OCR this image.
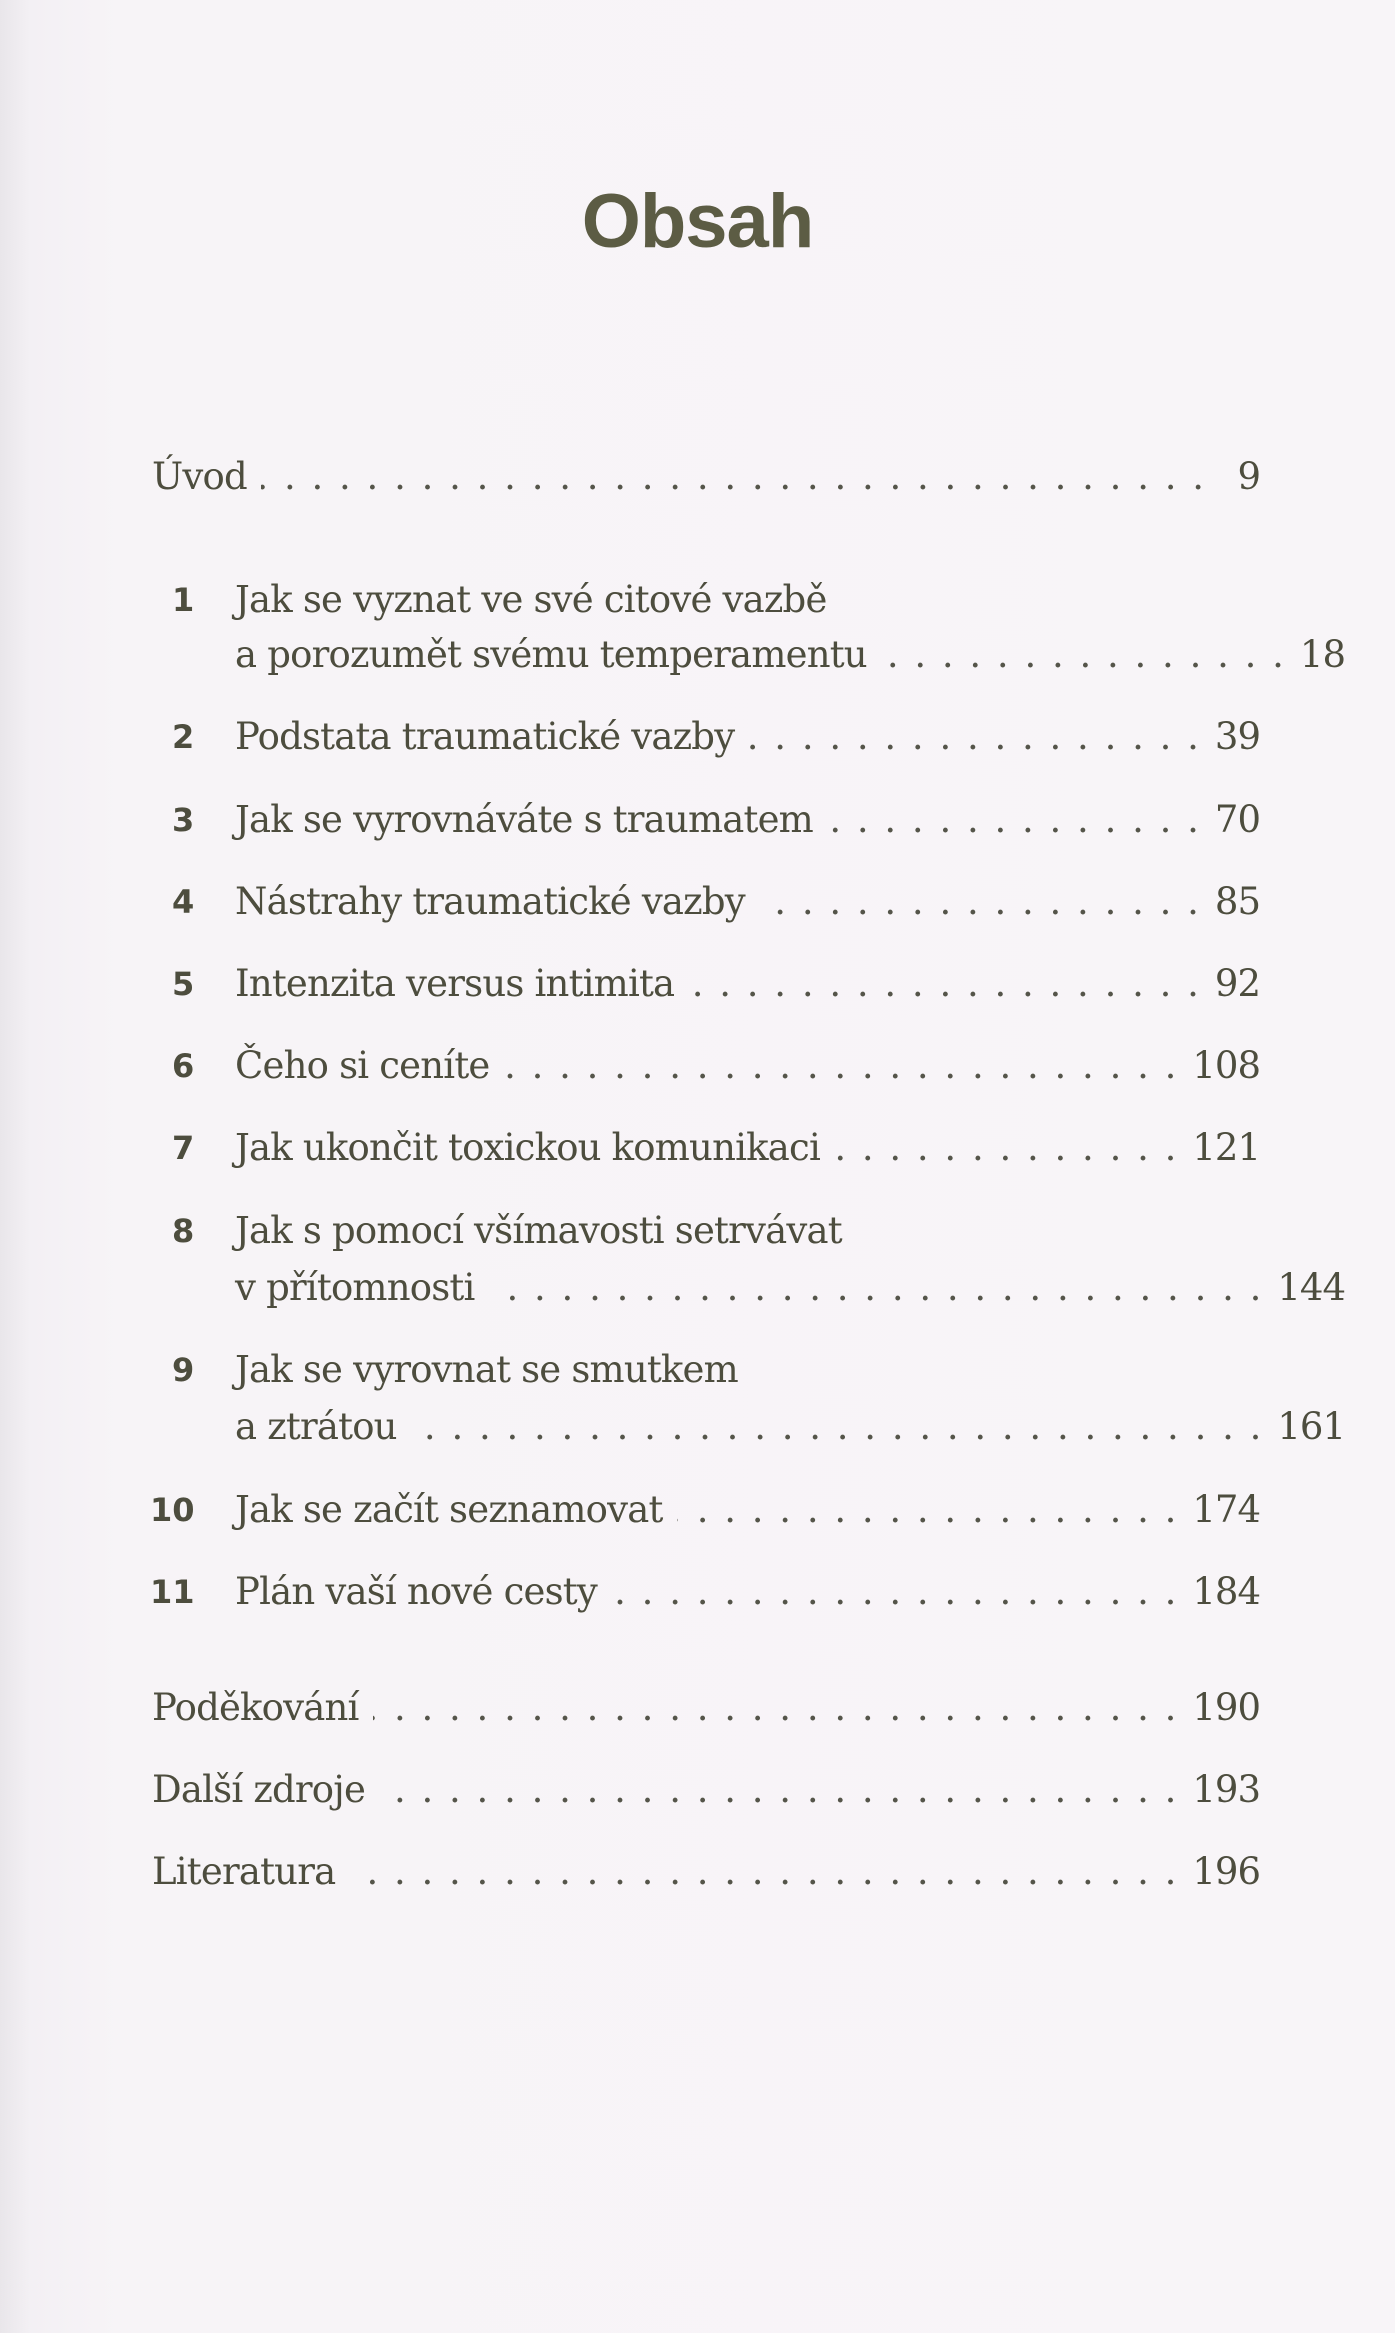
Obsah
Úvod . . .	9
1	Jak se vyznat ve své citové vazbě
a porozumět svému temperamentu . . .	18
2	Podstata traumatické vazby . . .	39
3	Jak se vyrovnáváte s traumatem . . .	70
4	Nástrahy traumatické vazby . . .	85
5	Intenzita versus intimita . . .	92
6	Čeho si ceníte . . .	108
7	Jak ukončit toxickou komunikaci . . .	121
8	Jak s pomocí všímavosti setrvávat
v přítomnosti . . .	144
9	Jak se vyrovnat se smutkem
a ztrátou . . .	161
10	Jak se začít seznamovat . . .	174
11	Plán vaší nové cesty . . .	184
Poděkování . . .	190
Další zdroje . . .	193
Literatura . . .	196
